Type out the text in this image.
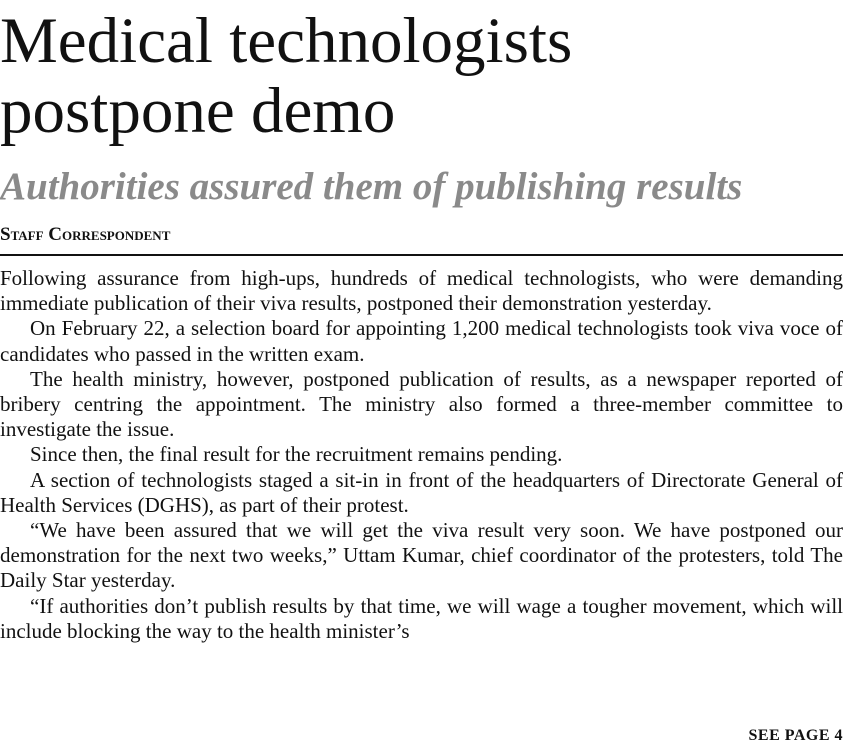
Medical technologists
postpone demo
Authorities assured them of publishing results
Staff Correspondent

Following assurance from high-ups, hundreds of medical technologists, who were demanding immediate publication of their viva results, postponed their demonstration yesterday.

On February 22, a selection board for appointing 1,200 medical technologists took viva voce of candidates who passed in the written exam.

The health ministry, however, postponed publication of results, as a newspaper reported of bribery centring the appointment. The ministry also formed a three-member committee to investigate the issue.

Since then, the final result for the recruitment remains pending.

A section of technologists staged a sit-in in front of the headquarters of Directorate General of Health Services (DGHS), as part of their protest.

“We have been assured that we will get the viva result very soon. We have postponed our demonstration for the next two weeks,” Uttam Kumar, chief coordinator of the protesters, told The Daily Star yesterday.

“If authorities don’t publish results by that time, we will wage a tougher movement, which will include blocking the way to the health minister’s

SEE PAGE 4
